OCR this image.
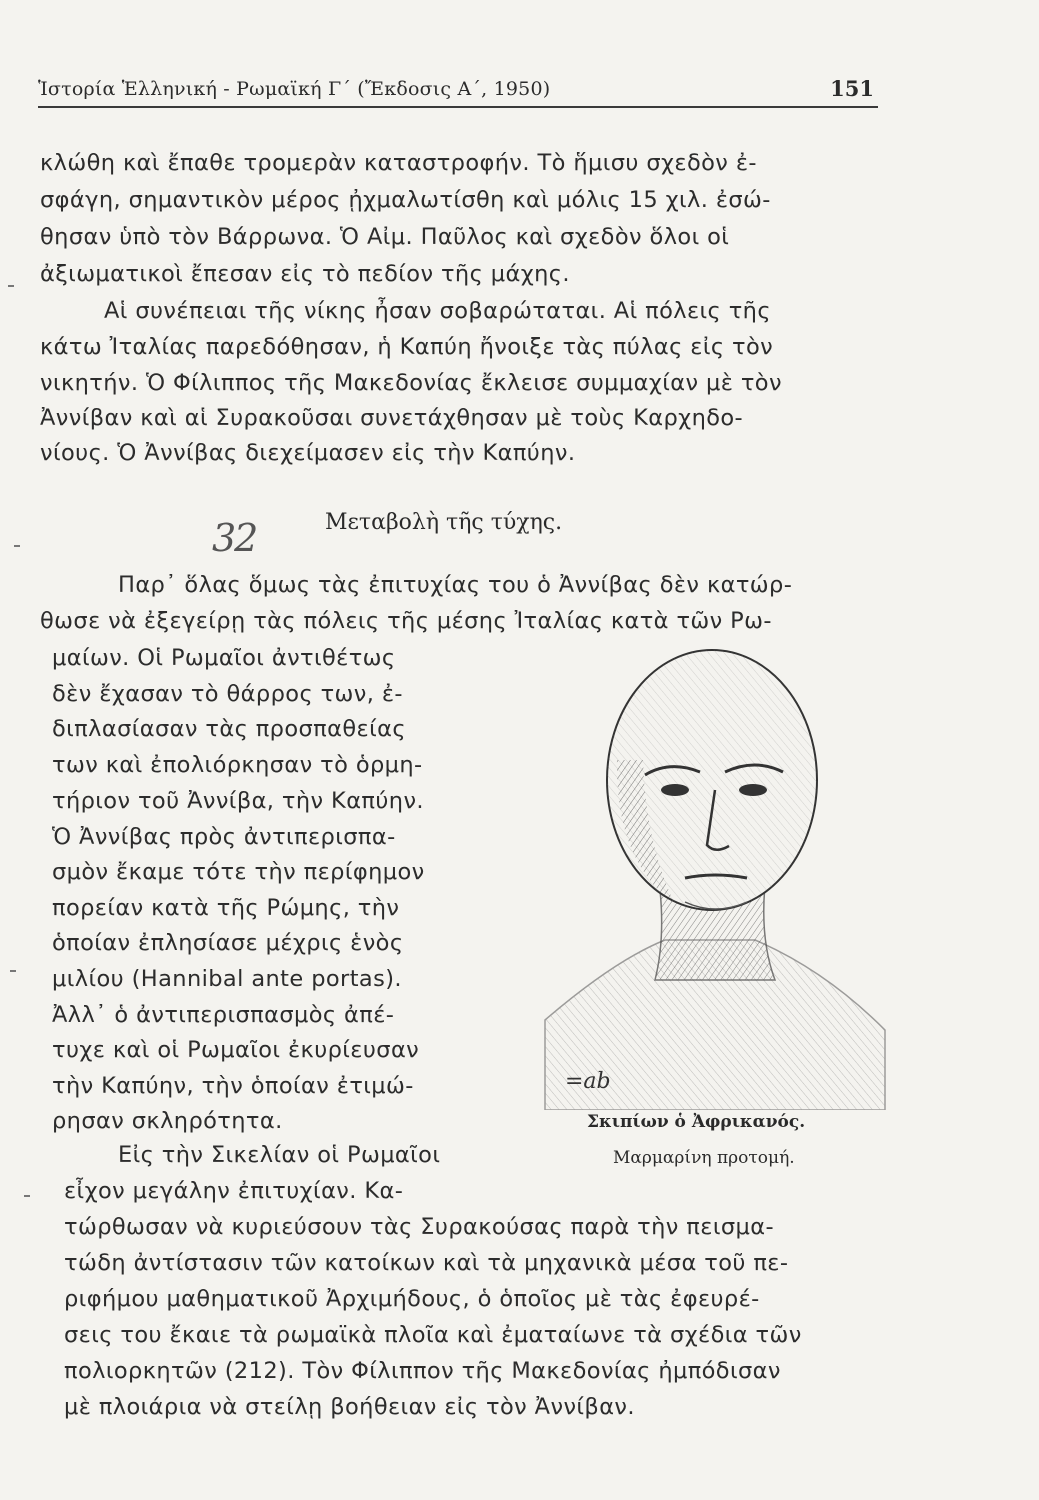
Ἱστορία Ἑλληνική - Ρωμαϊκή Γ΄ (Ἔκδοσις Α΄, 1950)	151
κλώθη καὶ ἔπαθε τρομερὰν καταστροφήν. Τὸ ἥμισυ σχεδὸν ἐ-
σφάγη, σημαντικὸν μέρος ᾐχμαλωτίσθη καὶ μόλις 15 χιλ. ἐσώ-
θησαν ὑπὸ τὸν Βάρρωνα. Ὁ Αἰμ. Παῦλος καὶ σχεδὸν ὅλοι οἱ
ἀξιωματικοὶ ἔπεσαν εἰς τὸ πεδίον τῆς μάχης.
Αἱ συνέπειαι τῆς νίκης ἦσαν σοβαρώταται. Αἱ πόλεις τῆς
κάτω Ἰταλίας παρεδόθησαν, ἡ Καπύη ἤνοιξε τὰς πύλας εἰς τὸν
νικητήν. Ὁ Φίλιππος τῆς Μακεδονίας ἔκλεισε συμμαχίαν μὲ τὸν
Ἀννίβαν καὶ αἱ Συρακοῦσαι συνετάχθησαν μὲ τοὺς Καρχηδο-
νίους. Ὁ Ἀννίβας διεχείμασεν εἰς τὴν Καπύην.
32	Μεταβολὴ τῆς τύχης.
Παρ᾽ ὅλας ὅμως τὰς ἐπιτυχίας του ὁ Ἀννίβας δὲν κατώρ-
θωσε νὰ ἐξεγείρῃ τὰς πόλεις τῆς μέσης Ἰταλίας κατὰ τῶν Ρω-
μαίων. Οἱ Ρωμαῖοι ἀντιθέτως
δὲν ἔχασαν τὸ θάρρος των, ἐ-
διπλασίασαν τὰς προσπαθείας
των καὶ ἐπολιόρκησαν τὸ ὁρμη-
τήριον τοῦ Ἀννίβα, τὴν Καπύην.
Ὁ Ἀννίβας πρὸς ἀντιπερισπα-
σμὸν ἔκαμε τότε τὴν περίφημον
πορείαν κατὰ τῆς Ρώμης, τὴν
ὁποίαν ἐπλησίασε μέχρις ἑνὸς
μιλίου (Hannibal ante portas).
Ἀλλ᾽ ὁ ἀντιπερισπασμὸς ἀπέ-
τυχε καὶ οἱ Ρωμαῖοι ἐκυρίευσαν
τὴν Καπύην, τὴν ὁποίαν ἐτιμώ-
ρησαν σκληρότητα.
Εἰς τὴν Σικελίαν οἱ Ρωμαῖοι
εἶχον μεγάλην ἐπιτυχίαν. Κα-
τώρθωσαν νὰ κυριεύσουν τὰς Συρακούσας παρὰ τὴν πεισμα-
τώδη ἀντίστασιν τῶν κατοίκων καὶ τὰ μηχανικὰ μέσα τοῦ πε-
ριφήμου μαθηματικοῦ Ἀρχιμήδους, ὁ ὁποῖος μὲ τὰς ἐφευρέ-
σεις του ἔκαιε τὰ ρωμαϊκὰ πλοῖα καὶ ἐματαίωνε τὰ σχέδια τῶν
πολιορκητῶν (212). Τὸν Φίλιππον τῆς Μακεδονίας ἠμπόδισαν
μὲ πλοιάρια νὰ στείλῃ βοήθειαν εἰς τὸν Ἀννίβαν.
=ab
Σκιπίων ὁ Ἀφρικανός.
Μαρμαρίνη προτομή.
